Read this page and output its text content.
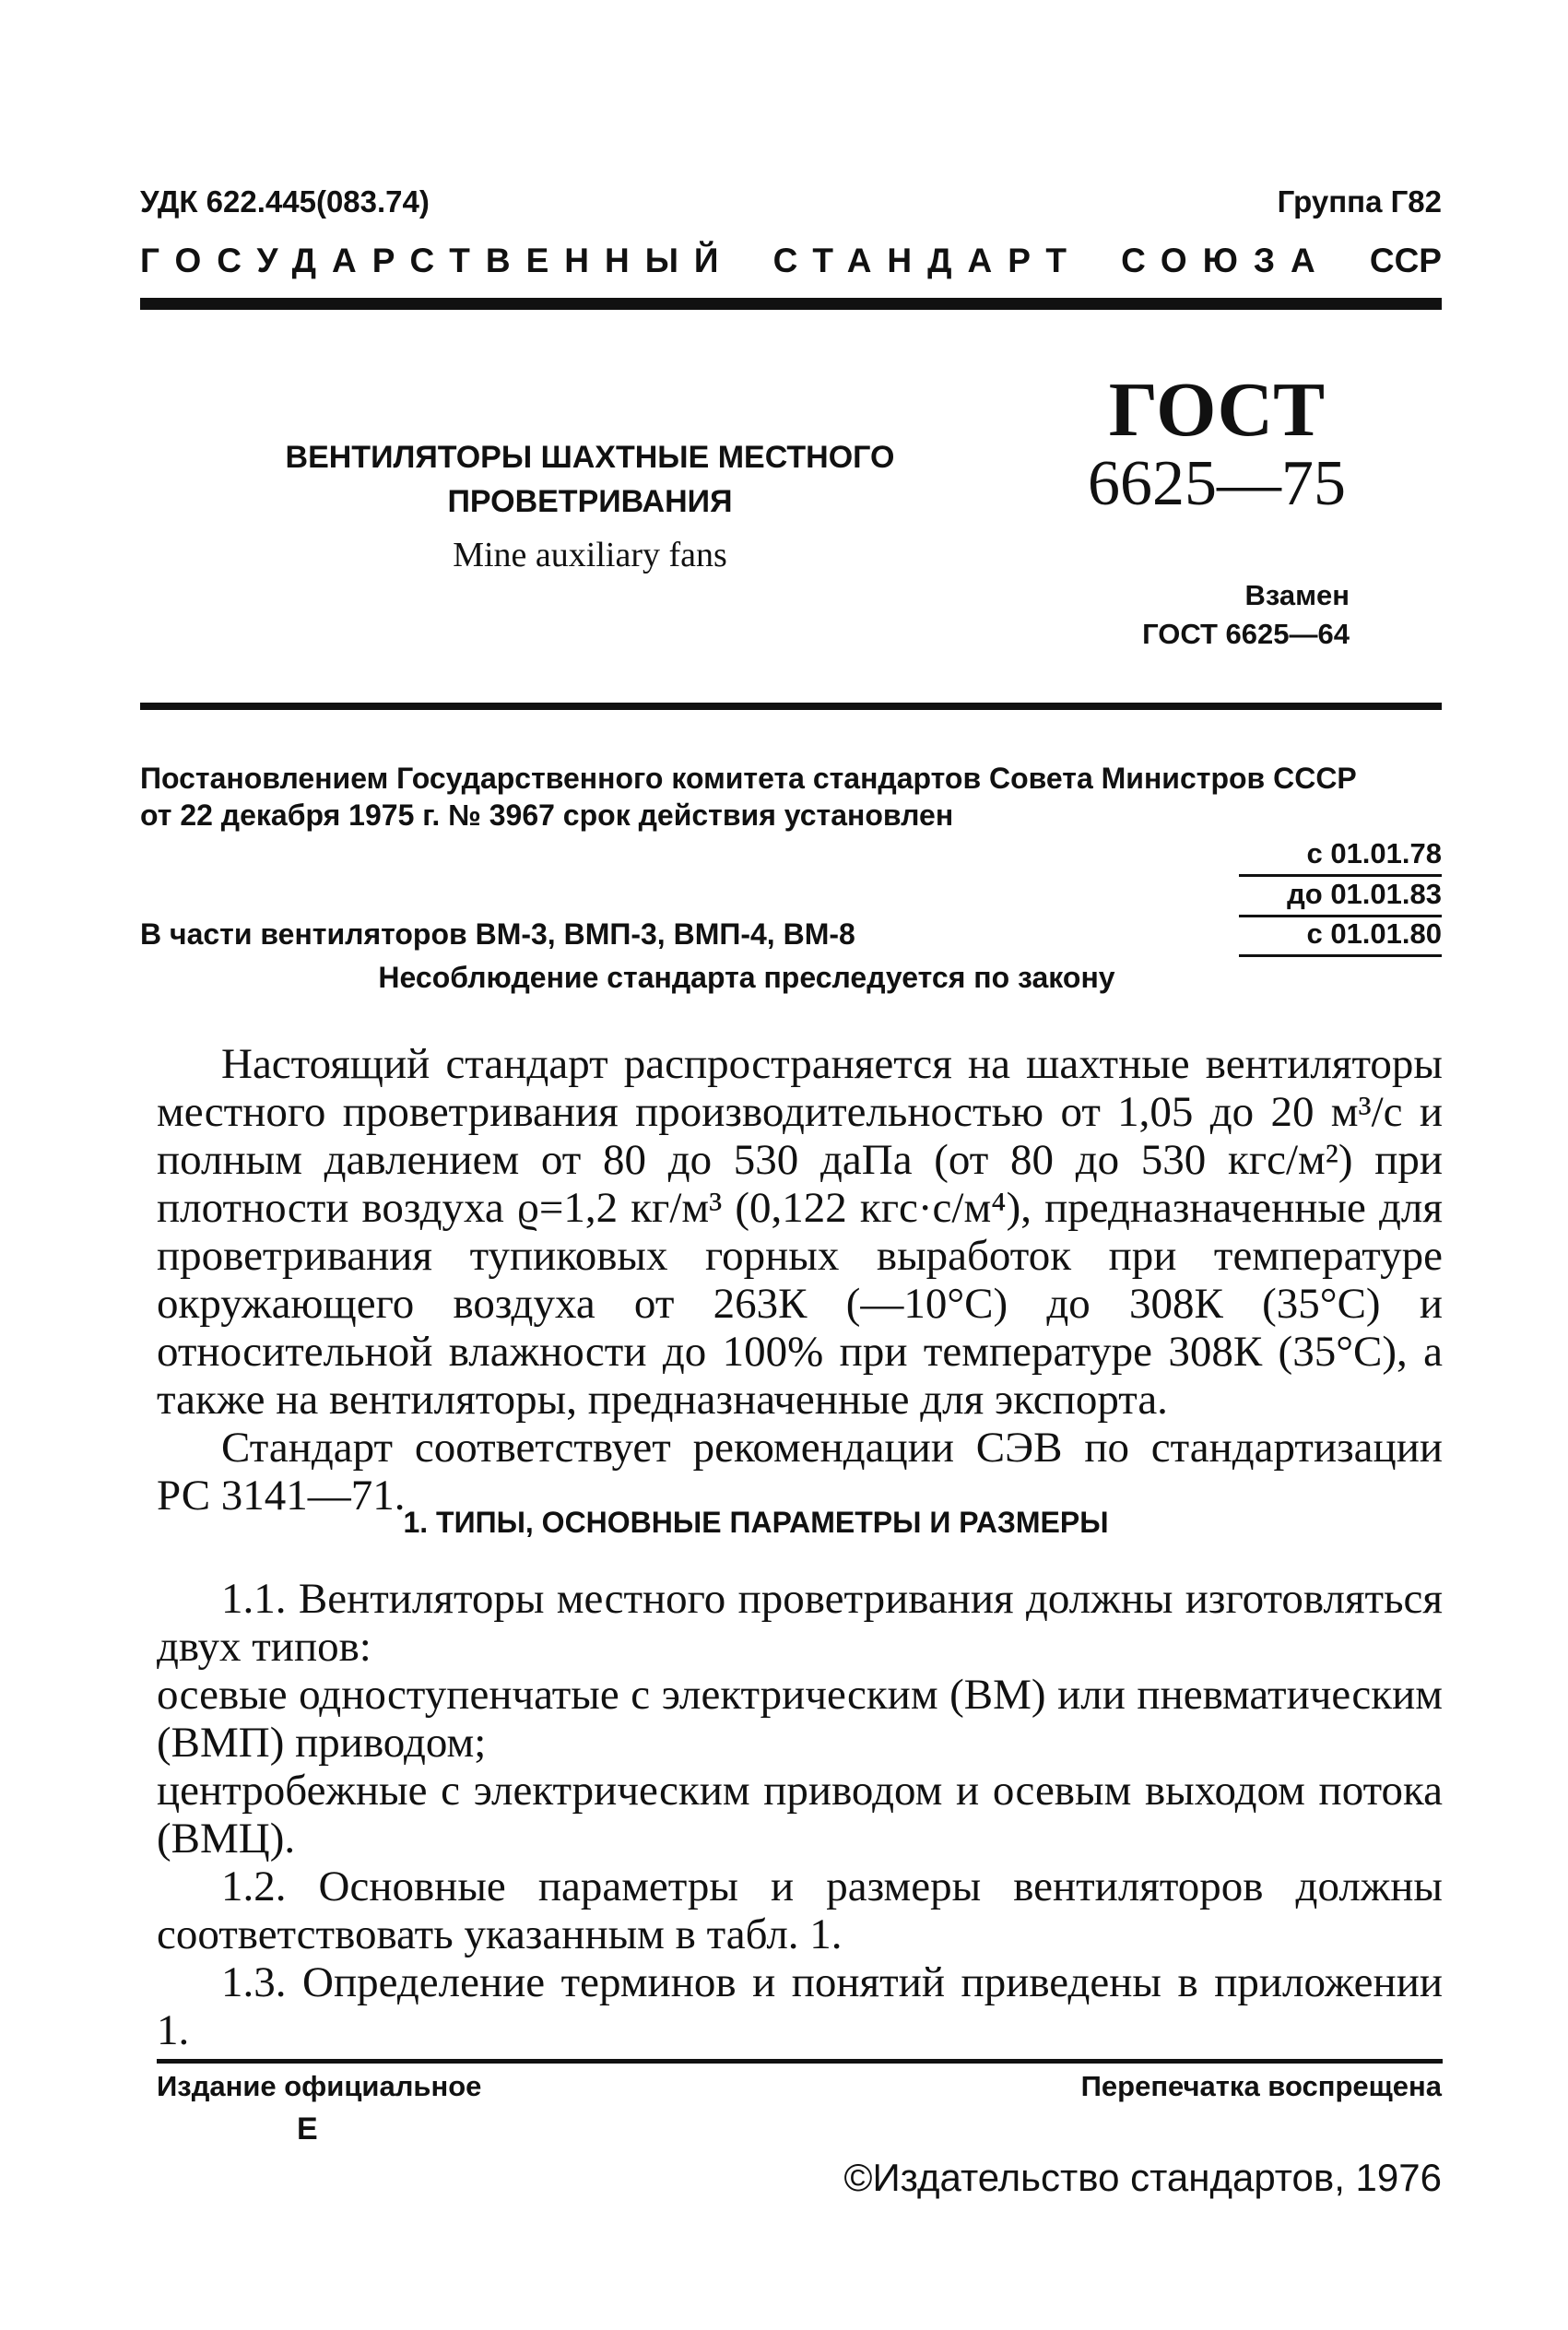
УДК 622.445(083.74)	Группа Г82
ГОСУДАРСТВЕННЫЙ СТАНДАРТ СОЮЗА ССР
ВЕНТИЛЯТОРЫ ШАХТНЫЕ МЕСТНОГО
ПРОВЕТРИВАНИЯ
Mine auxiliary fans
ГОСТ
6625—75
Взамен
ГОСТ 6625—64
Постановлением Государственного комитета стандартов Совета Министров СССР
от 22 декабря 1975 г. № 3967 срок действия установлен
с 01.01.78
до 01.01.83
В части вентиляторов ВМ-3, ВМП-3, ВМП-4, ВМ-8	с 01.01.80
Несоблюдение стандарта преследуется по закону

Настоящий стандарт распространяется на шахтные вентиляторы местного проветривания производительностью от 1,05 до 20 м³/с и полным давлением от 80 до 530 даПа (от 80 до 530 кгс/м²) при плотности воздуха ϱ=1,2 кг/м³ (0,122 кгс·с/м⁴), предназначенные для проветривания тупиковых горных выработок при температуре окружающего воздуха от 263К (—10°С) до 308К (35°С) и относительной влажности до 100% при температуре 308К (35°С), а также на вентиляторы, предназначенные для экспорта.

Стандарт соответствует рекомендации СЭВ по стандартизации РС 3141—71.

1. ТИПЫ, ОСНОВНЫЕ ПАРАМЕТРЫ И РАЗМЕРЫ

1.1. Вентиляторы местного проветривания должны изготовляться двух типов:

осевые одноступенчатые с электрическим (ВМ) или пневматическим (ВМП) приводом;

центробежные с электрическим приводом и осевым выходом потока (ВМЦ).

1.2. Основные параметры и размеры вентиляторов должны соответствовать указанным в табл. 1.

1.3. Определение терминов и понятий приведены в приложении 1.

Издание официальное	Перепечатка воспрещена
Е
©Издательство стандартов, 1976
